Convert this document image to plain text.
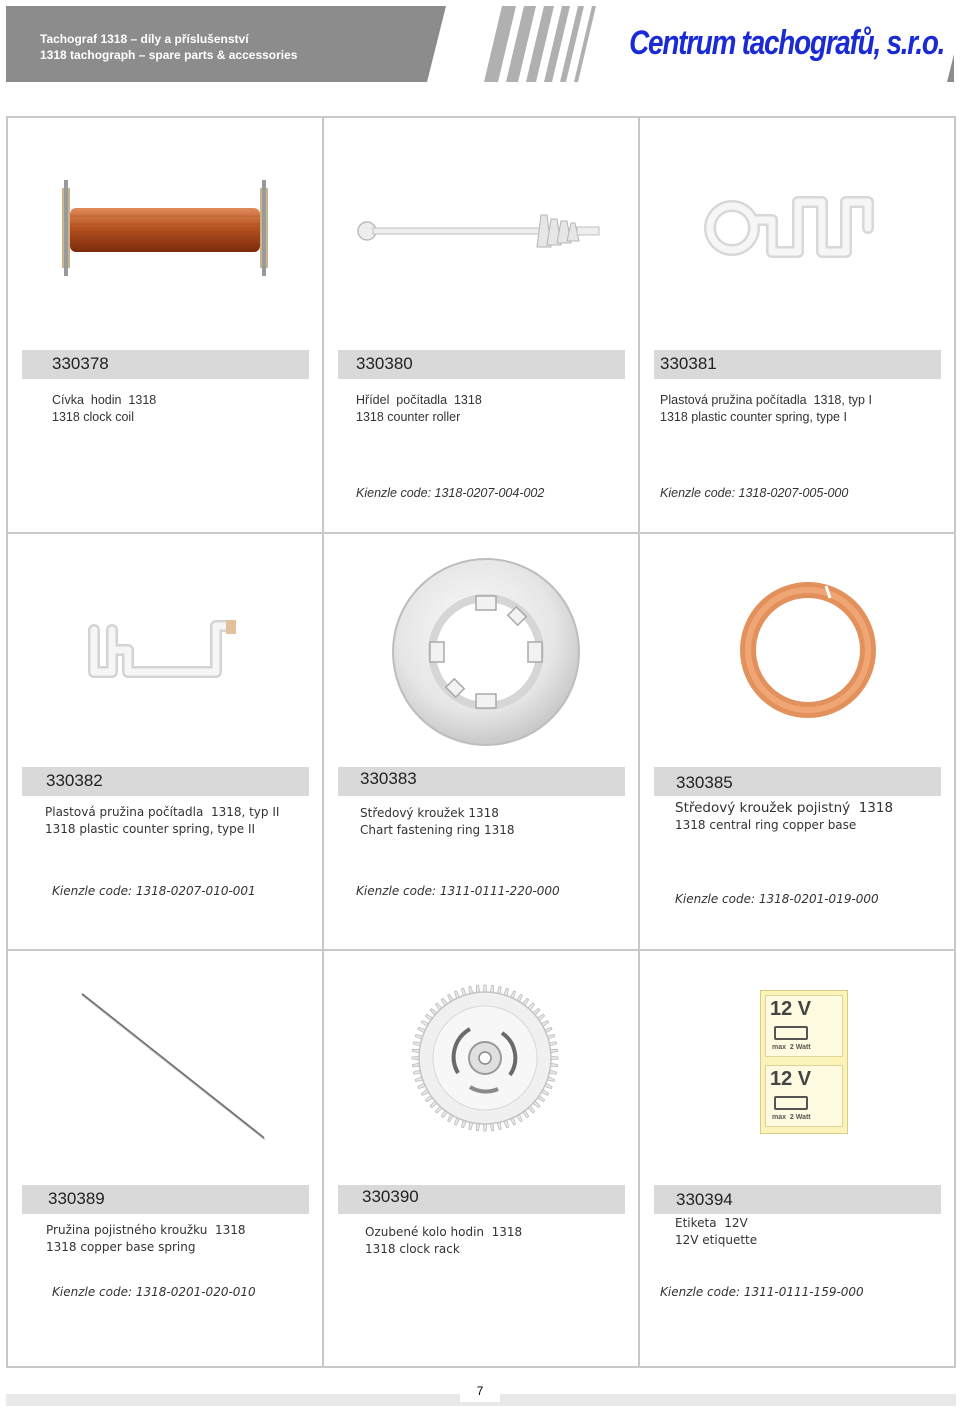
Tachograf 1318 – díly a příslušenství
1318 tachograph – spare parts & accessories	Centrum tachografů, s.r.o.
330378	330380	330381
Cívka  hodin  1318
1318 clock coil
Hřídel  počítadla  1318
1318 counter roller
Plastová pružina počítadla  1318, typ I
1318 plastic counter spring, type I
Kienzle code: 1318-0207-004-002	Kienzle code: 1318-0207-005-000
330382	330383	330385
Plastová pružina počítadla  1318, typ II
1318 plastic counter spring, type II
Středový kroužek 1318
Chart fastening ring 1318
Středový kroužek pojistný  1318
1318 central ring copper base
Kienzle code: 1318-0207-010-001	Kienzle code: 1311-0111-220-000
Kienzle code: 1318-0201-019-000
12 V
max  2 Watt
12 V
max  2 Watt
330389	330390	330394
Pružina pojistného kroužku  1318
1318 copper base spring
Ozubené kolo hodin  1318
1318 clock rack
Etiketa  12V
12V etiquette
Kienzle code: 1318-0201-020-010	Kienzle code: 1311-0111-159-000
7
